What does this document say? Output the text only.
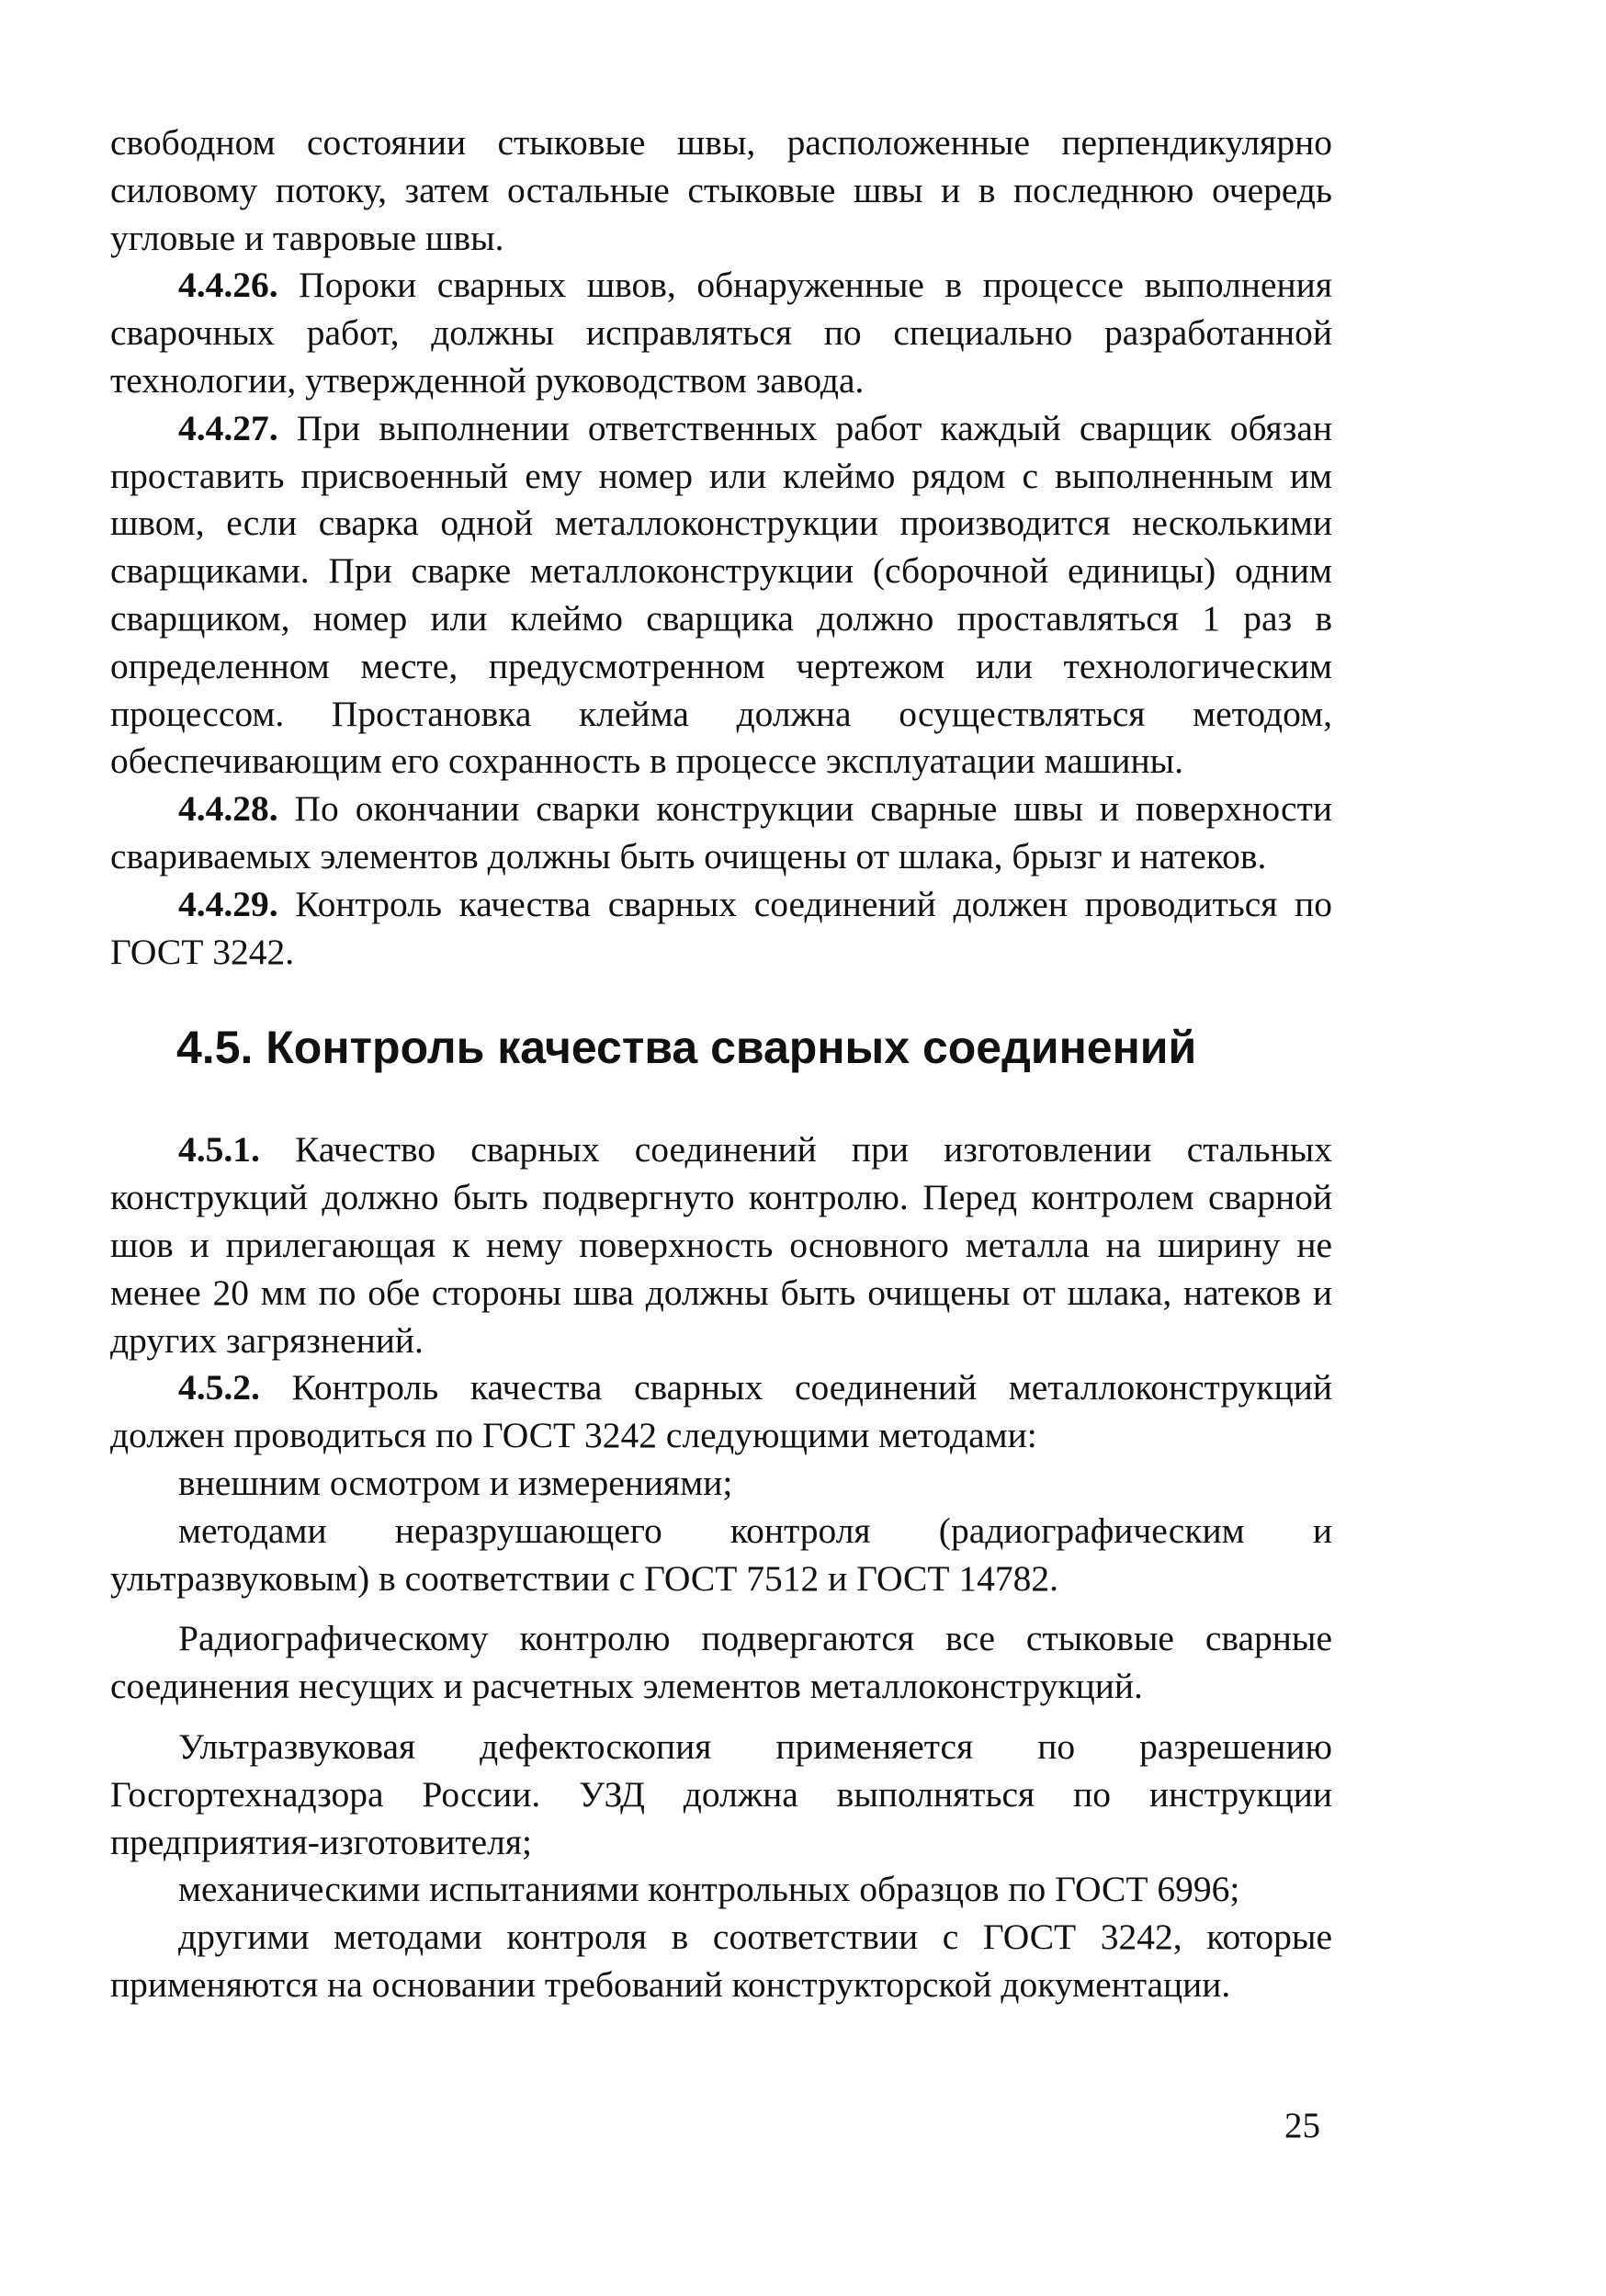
свободном состоянии стыковые швы, расположенные перпендикулярно силовому потоку, затем остальные стыковые швы и в последнюю очередь угловые и тавровые швы.

4.4.26. Пороки сварных швов, обнаруженные в процессе выполнения сварочных работ, должны исправляться по специально разработанной технологии, утвержденной руководством завода.

4.4.27. При выполнении ответственных работ каждый сварщик обязан проставить присвоенный ему номер или клеймо рядом с выполненным им швом, если сварка одной металлоконструкции производится несколькими сварщиками. При сварке металлоконструкции (сборочной единицы) одним сварщиком, номер или клеймо сварщика должно проставляться 1 раз в определенном месте, предусмотренном чертежом или технологическим процессом. Простановка клейма должна осуществляться методом, обеспечивающим его сохранность в процессе эксплуатации машины.

4.4.28. По окончании сварки конструкции сварные швы и поверхности свариваемых элементов должны быть очищены от шлака, брызг и натеков.

4.4.29. Контроль качества сварных соединений должен проводиться по ГОСТ 3242.

4.5. Контроль качества сварных соединений

4.5.1. Качество сварных соединений при изготовлении стальных конструкций должно быть подвергнуто контролю. Перед контролем сварной шов и прилегающая к нему поверхность основного металла на ширину не менее 20 мм по обе стороны шва должны быть очищены от шлака, натеков и других загрязнений.

4.5.2. Контроль качества сварных соединений металлоконструкций должен проводиться по ГОСТ 3242 следующими методами:

внешним осмотром и измерениями;

методами неразрушающего контроля (радиографическим и ультразвуковым) в соответствии с ГОСТ 7512 и ГОСТ 14782.

Радиографическому контролю подвергаются все стыковые сварные соединения несущих и расчетных элементов металлоконструкций.

Ультразвуковая дефектоскопия применяется по разрешению Госгортехнадзора России. УЗД должна выполняться по инструкции предприятия-изготовителя;

механическими испытаниями контрольных образцов по ГОСТ 6996;

другими методами контроля в соответствии с ГОСТ 3242, которые применяются на основании требований конструкторской документации.

25
